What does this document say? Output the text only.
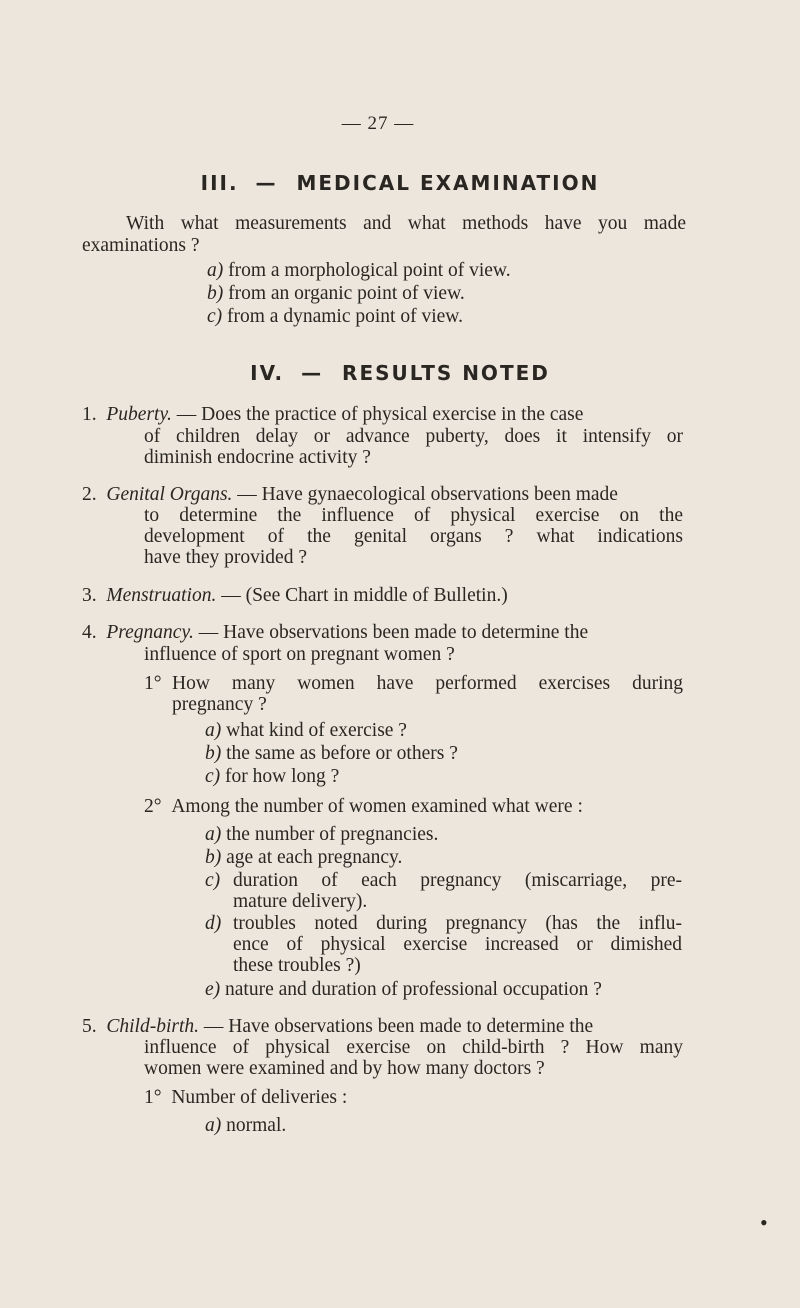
— 27 —
III. — MEDICAL EXAMINATION
With what measurements and what methods have you made
examinations ?
a) from a morphological point of view.
b) from an organic point of view.
c) from a dynamic point of view.
IV. — RESULTS NOTED
1. Puberty. — Does the practice of physical exercise in the case
of children delay or advance puberty, does it intensify or
diminish endocrine activity ?
2. Genital Organs. — Have gynaecological observations been made
to determine the influence of physical exercise on the
development of the genital organs ? what indications
have they provided ?
3. Menstruation. — (See Chart in middle of Bulletin.)
4. Pregnancy. — Have observations been made to determine the
influence of sport on pregnant women ?
1° How many women have performed exercises during
pregnancy ?
a) what kind of exercise ?
b) the same as before or others ?
c) for how long ?
2° Among the number of women examined what were :
a) the number of pregnancies.
b) age at each pregnancy.
c) duration of each pregnancy (miscarriage, pre-
mature delivery).
d) troubles noted during pregnancy (has the influ-
ence of physical exercise increased or dimished
these troubles ?)
e) nature and duration of professional occupation ?
5. Child-birth. — Have observations been made to determine the
influence of physical exercise on child-birth ? How many
women were examined and by how many doctors ?
1° Number of deliveries :
a) normal.
•
